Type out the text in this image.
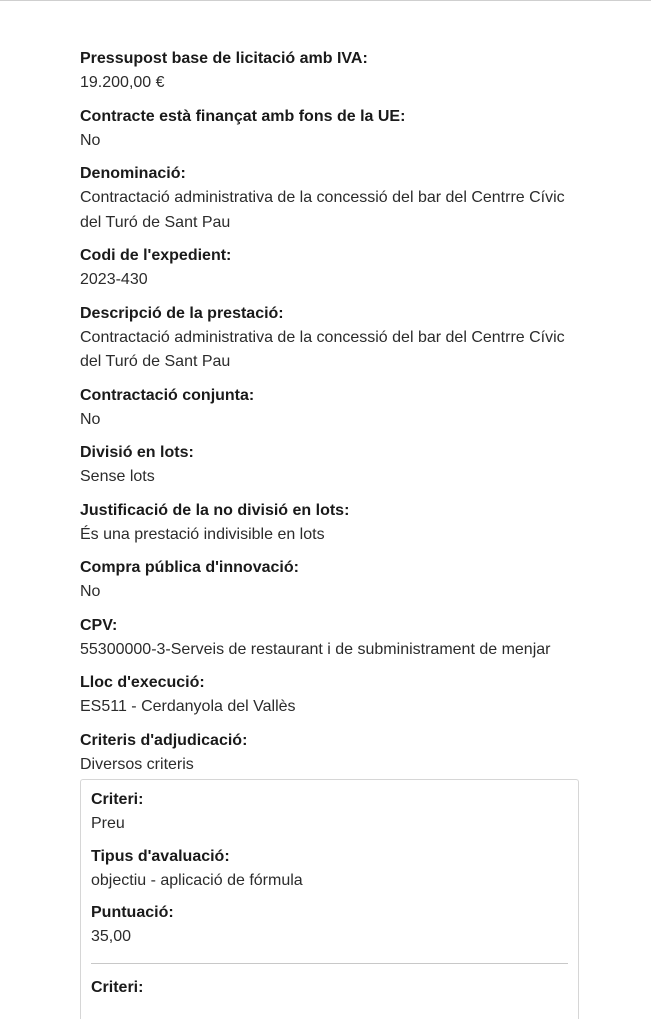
Pressupost base de licitació amb IVA:
19.200,00 €
Contracte està finançat amb fons de la UE:
No
Denominació:
Contractació administrativa de la concessió del bar del Centrre Cívic del Turó de Sant Pau
Codi de l'expedient:
2023-430
Descripció de la prestació:
Contractació administrativa de la concessió del bar del Centrre Cívic del Turó de Sant Pau
Contractació conjunta:
No
Divisió en lots:
Sense lots
Justificació de la no divisió en lots:
És una prestació indivisible en lots
Compra pública d'innovació:
No
CPV:
55300000-3-Serveis de restaurant i de subministrament de menjar
Lloc d'execució:
ES511 - Cerdanyola del Vallès
Criteris d'adjudicació:
Diversos criteris
Criteri:
Preu
Tipus d'avaluació:
objectiu - aplicació de fórmula
Puntuació:
35,00
Criteri:
